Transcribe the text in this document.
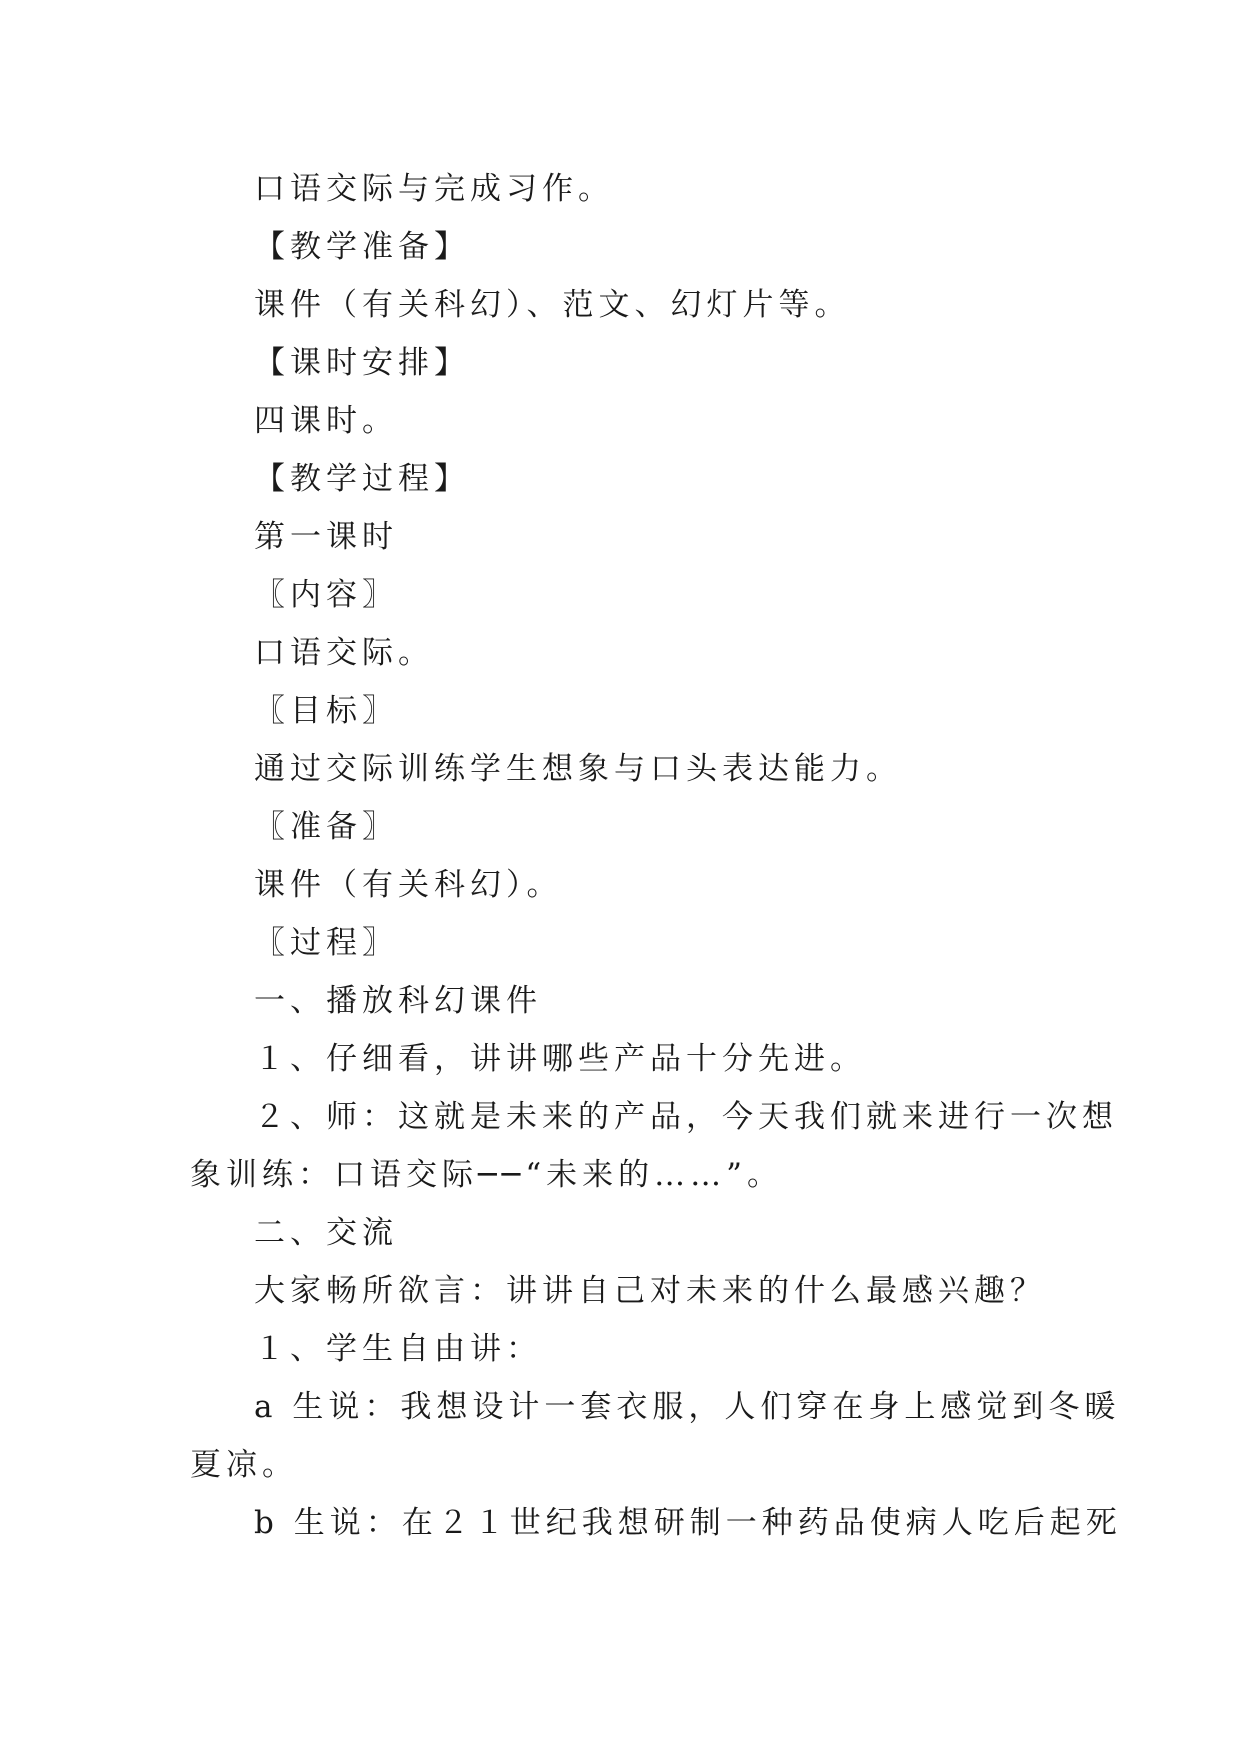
口语交际与完成习作。

【教学准备】

课件（有关科幻）、范文、幻灯片等。

【课时安排】

四课时。

【教学过程】

第一课时

〖内容〗

口语交际。

〖目标〗

通过交际训练学生想象与口头表达能力。

〖准备〗

课件（有关科幻）。

〖过程〗

一、播放科幻课件

１、仔细看，讲讲哪些产品十分先进。

２、师：这就是未来的产品，今天我们就来进行一次想

象训练：口语交际──“未来的……”。

二、交流

大家畅所欲言：讲讲自己对未来的什么最感兴趣？

１、学生自由讲：

a 生说：我想设计一套衣服，人们穿在身上感觉到冬暖

夏凉。

b 生说：在２１世纪我想研制一种药品使病人吃后起死
